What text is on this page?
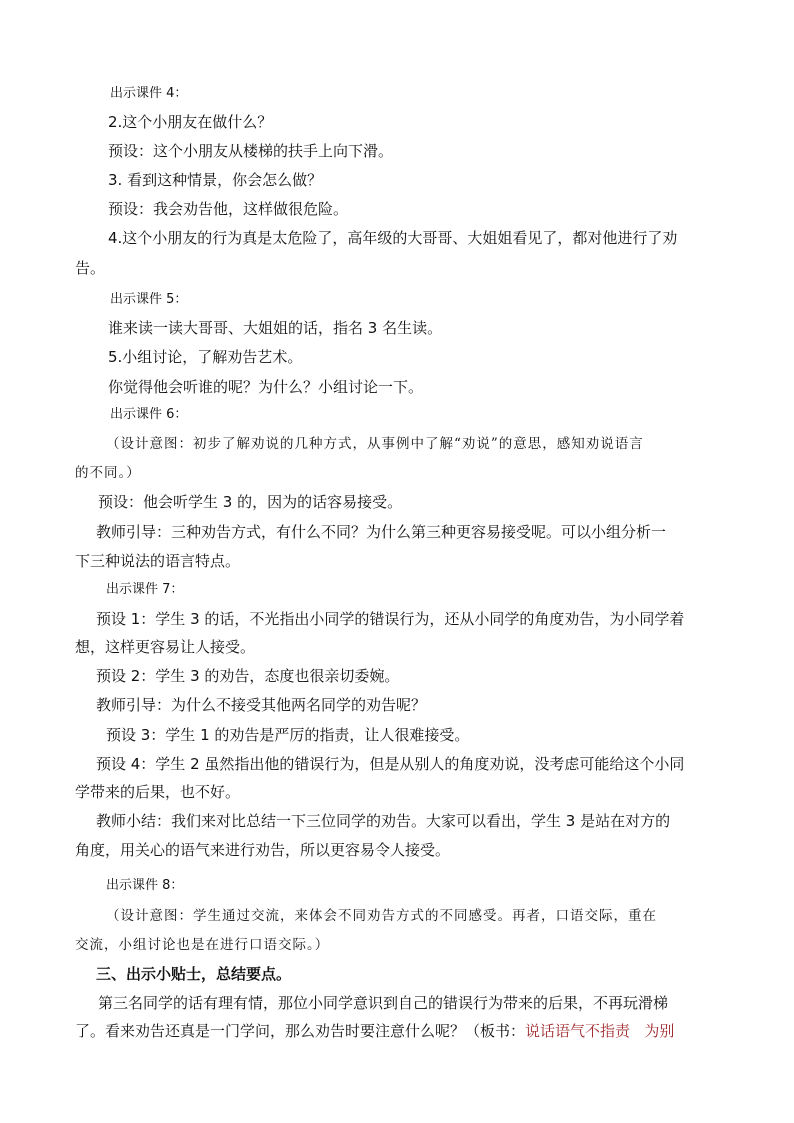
出示课件 4：
2.这个小朋友在做什么？
预设：这个小朋友从楼梯的扶手上向下滑。
3. 看到这种情景，你会怎么做？
预设：我会劝告他，这样做很危险。
4.这个小朋友的行为真是太危险了，高年级的大哥哥、大姐姐看见了，都对他进行了劝
告。
出示课件 5：
谁来读一读大哥哥、大姐姐的话，指名 3 名生读。
5.小组讨论，了解劝告艺术。
你觉得他会听谁的呢？为什么？小组讨论一下。
出示课件 6：
（设计意图：初步了解劝说的几种方式，从事例中了解“劝说”的意思，感知劝说语言
的不同。）
预设：他会听学生 3 的，因为的话容易接受。
教师引导：三种劝告方式，有什么不同？为什么第三种更容易接受呢。可以小组分析一
下三种说法的语言特点。
出示课件 7：
预设 1：学生 3 的话，不光指出小同学的错误行为，还从小同学的角度劝告，为小同学着
想，这样更容易让人接受。
预设 2：学生 3 的劝告，态度也很亲切委婉。
教师引导：为什么不接受其他两名同学的劝告呢？
预设 3：学生 1 的劝告是严厉的指责，让人很难接受。
预设 4：学生 2 虽然指出他的错误行为，但是从别人的角度劝说，没考虑可能给这个小同
学带来的后果，也不好。
教师小结：我们来对比总结一下三位同学的劝告。大家可以看出，学生 3 是站在对方的
角度，用关心的语气来进行劝告，所以更容易令人接受。
出示课件 8：
（设计意图：学生通过交流，来体会不同劝告方式的不同感受。再者，口语交际，重在
交流，小组讨论也是在进行口语交际。）
三、出示小贴士，总结要点。
第三名同学的话有理有情，那位小同学意识到自己的错误行为带来的后果，不再玩滑梯
了。看来劝告还真是一门学问，那么劝告时要注意什么呢？（板书：说话语气不指责   为别
